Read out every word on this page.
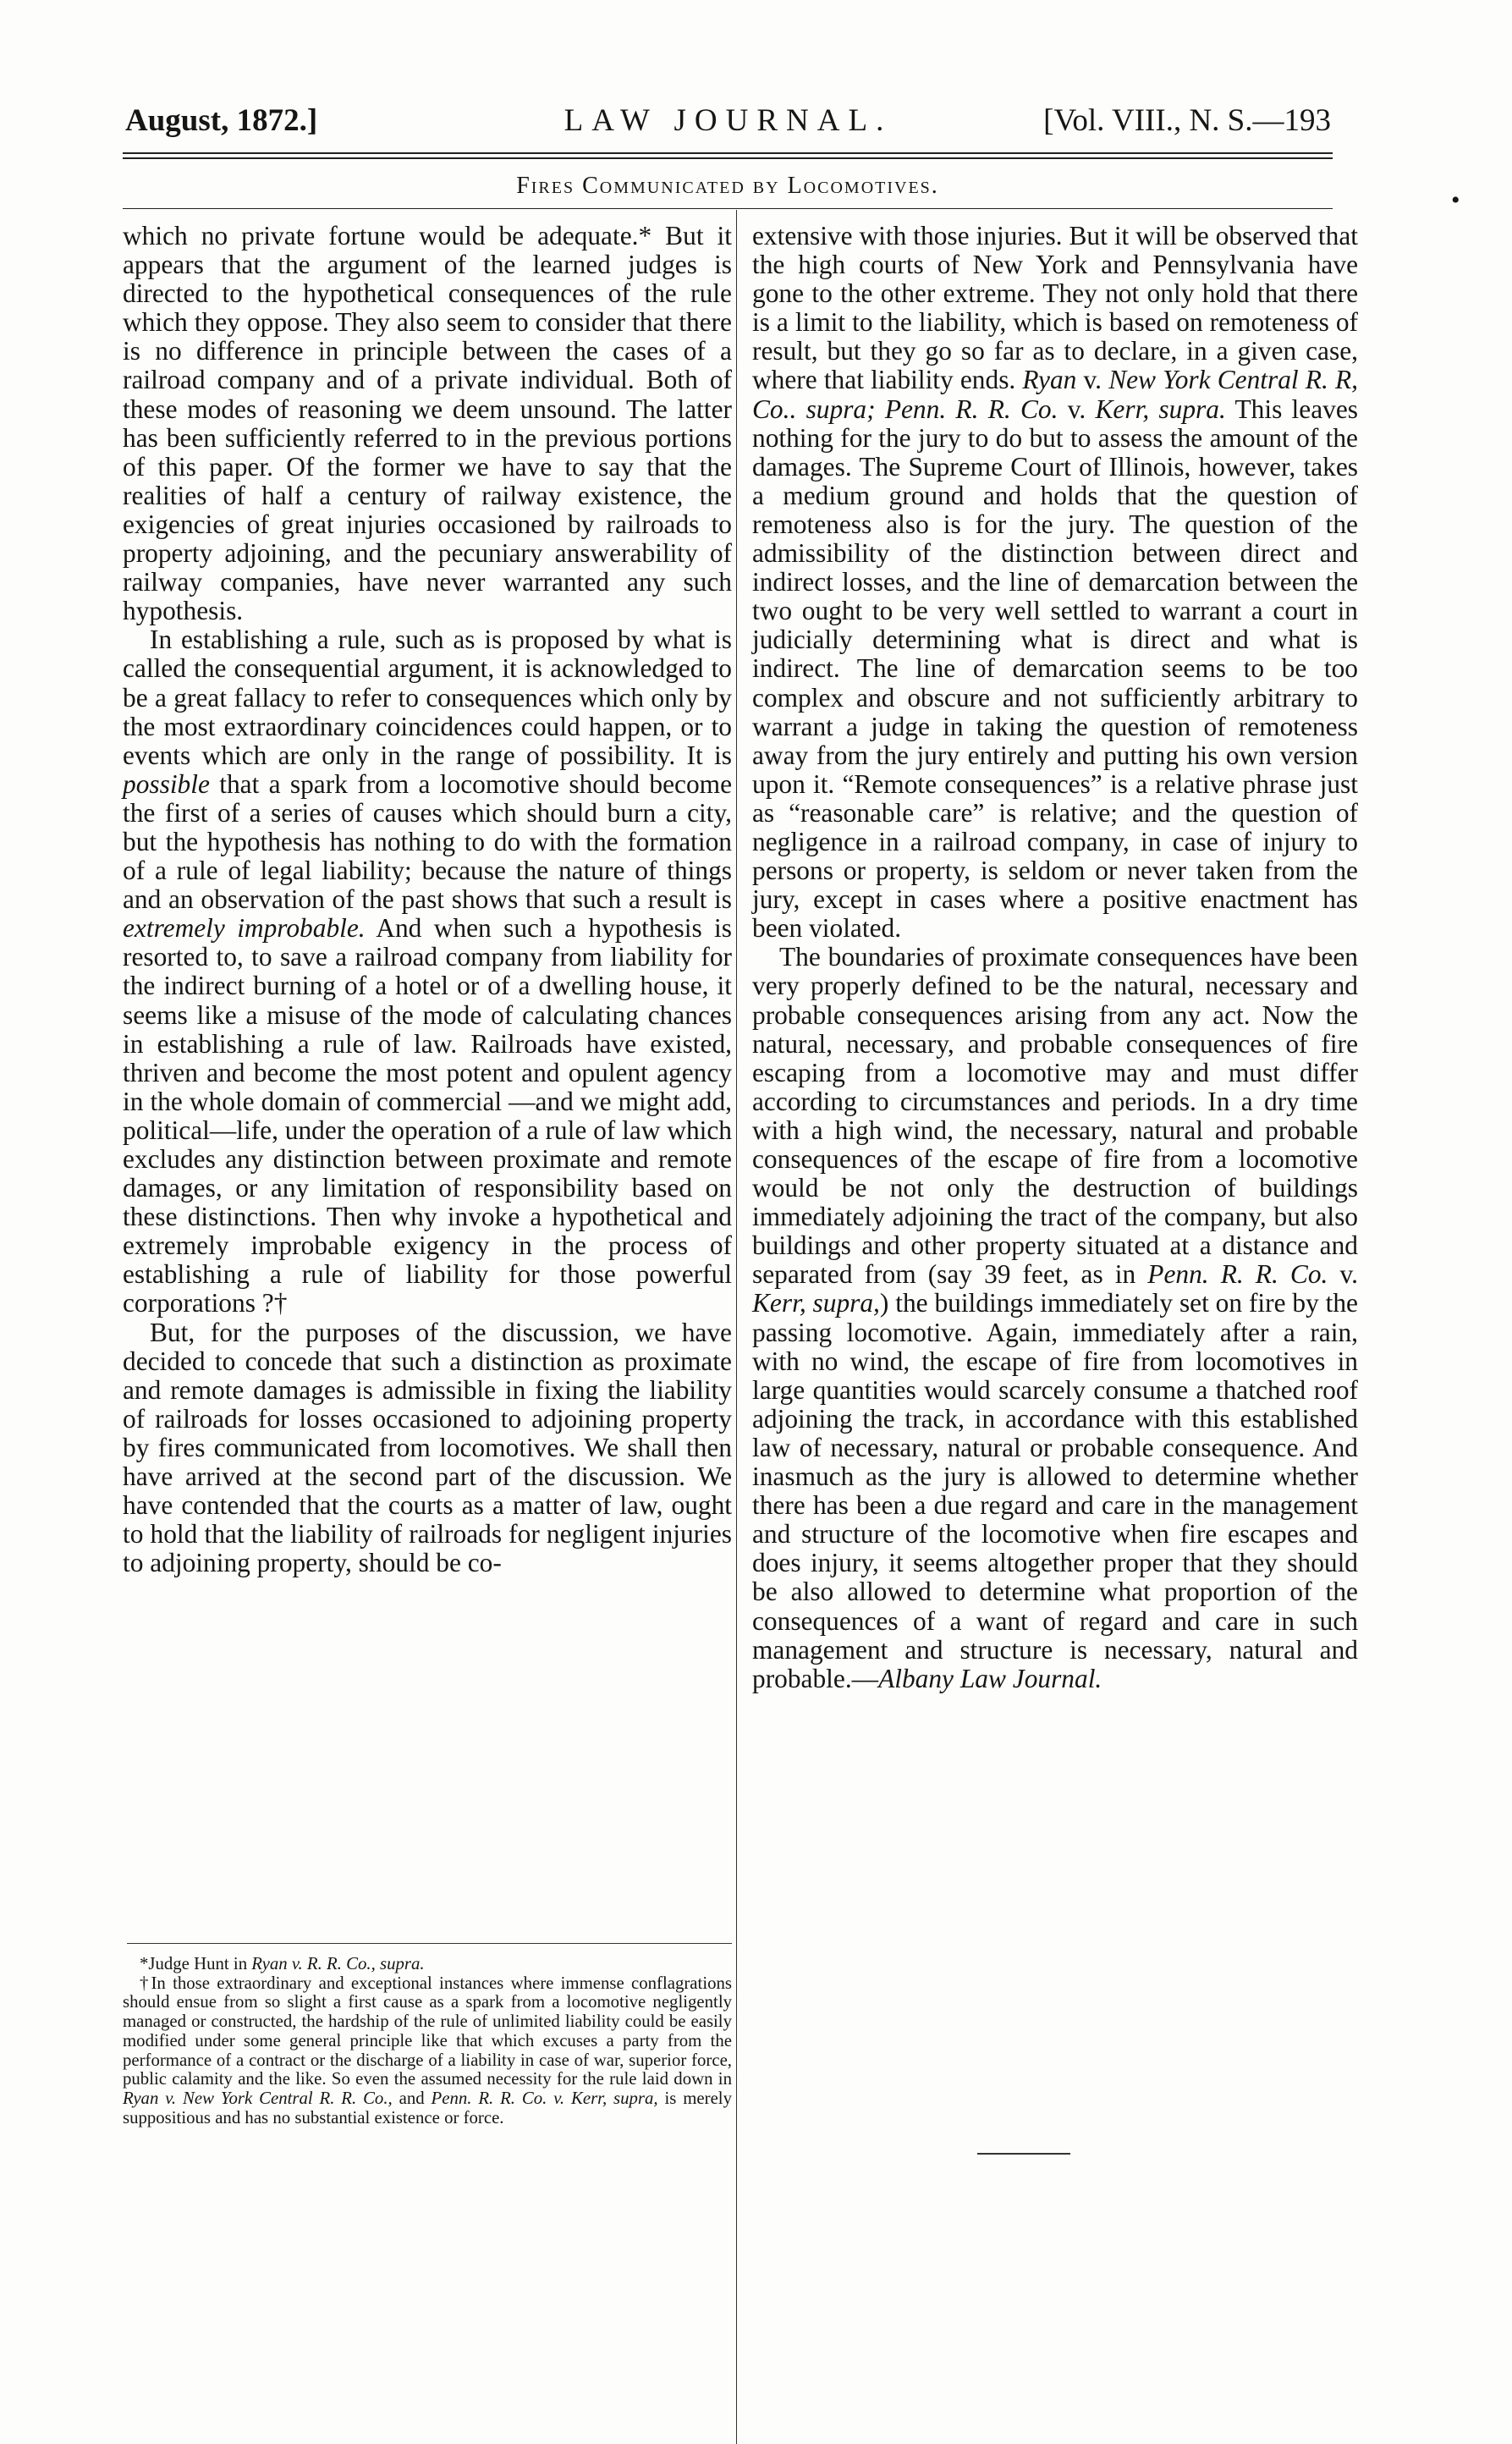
August, 1872.]	LAW JOURNAL.	[Vol. VIII., N. S.—193
Fires Communicated by Locomotives.
•

which no private fortune would be adequate.* But it appears that the argument of the learned judges is directed to the hypothetical consequences of the rule which they oppose. They also seem to consider that there is no difference in principle between the cases of a railroad company and of a private individual. Both of these modes of reasoning we deem unsound. The latter has been sufficiently referred to in the previous portions of this paper. Of the former we have to say that the realities of half a century of railway existence, the exigencies of great injuries occasioned by railroads to property adjoining, and the pecuniary answerability of railway companies, have never warranted any such hypothesis.

In establishing a rule, such as is proposed by what is called the consequential argument, it is acknowledged to be a great fallacy to refer to consequences which only by the most extraordinary coincidences could happen, or to events which are only in the range of possibility. It is possible that a spark from a locomotive should become the first of a series of causes which should burn a city, but the hypothesis has nothing to do with the formation of a rule of legal liability; because the nature of things and an observation of the past shows that such a result is extremely improbable. And when such a hypothesis is resorted to, to save a railroad company from liability for the indirect burning of a hotel or of a dwelling house, it seems like a misuse of the mode of calculating chances in establishing a rule of law. Railroads have existed, thriven and become the most potent and opulent agency in the whole domain of commercial —and we might add, political—life, under the operation of a rule of law which excludes any distinction between proximate and remote damages, or any limitation of responsibility based on these distinctions. Then why invoke a hypothetical and extremely improbable exigency in the process of establishing a rule of liability for those powerful corporations ?†

But, for the purposes of the discussion, we have decided to concede that such a distinction as proximate and remote damages is admissible in fixing the liability of railroads for losses occasioned to adjoining property by fires communicated from locomotives. We shall then have arrived at the second part of the discussion. We have contended that the courts as a matter of law, ought to hold that the liability of railroads for negligent injuries to adjoining property, should be co-

*Judge Hunt in Ryan v. R. R. Co., supra.

†In those extraordinary and exceptional instances where immense conflagrations should ensue from so slight a first cause as a spark from a locomotive negligently managed or constructed, the hardship of the rule of unlimited liability could be easily modified under some general principle like that which excuses a party from the performance of a contract or the discharge of a liability in case of war, superior force, public calamity and the like. So even the assumed necessity for the rule laid down in Ryan v. New York Central R. R. Co., and Penn. R. R. Co. v. Kerr, supra, is merely suppositious and has no substantial existence or force.

extensive with those injuries. But it will be observed that the high courts of New York and Pennsylvania have gone to the other extreme. They not only hold that there is a limit to the liability, which is based on remoteness of result, but they go so far as to declare, in a given case, where that liability ends. Ryan v. New York Central R. R, Co.. supra; Penn. R. R. Co. v. Kerr, supra. This leaves nothing for the jury to do but to assess the amount of the damages. The Supreme Court of Illinois, however, takes a medium ground and holds that the question of remoteness also is for the jury. The question of the admissibility of the distinction between direct and indirect losses, and the line of demarcation between the two ought to be very well settled to warrant a court in judicially determining what is direct and what is indirect. The line of demarcation seems to be too complex and obscure and not sufficiently arbitrary to warrant a judge in taking the question of remoteness away from the jury entirely and putting his own version upon it. “Remote consequences” is a relative phrase just as “reasonable care” is relative; and the question of negligence in a railroad company, in case of injury to persons or property, is seldom or never taken from the jury, except in cases where a positive enactment has been violated.

The boundaries of proximate consequences have been very properly defined to be the natural, necessary and probable consequences arising from any act. Now the natural, necessary, and probable consequences of fire escaping from a locomotive may and must differ according to circumstances and periods. In a dry time with a high wind, the necessary, natural and probable consequences of the escape of fire from a locomotive would be not only the destruction of buildings immediately adjoining the tract of the company, but also buildings and other property situated at a distance and separated from (say 39 feet, as in Penn. R. R. Co. v. Kerr, supra,) the buildings immediately set on fire by the passing locomotive. Again, immediately after a rain, with no wind, the escape of fire from locomotives in large quantities would scarcely consume a thatched roof adjoining the track, in accordance with this established law of necessary, natural or probable consequence. And inasmuch as the jury is allowed to determine whether there has been a due regard and care in the management and structure of the locomotive when fire escapes and does injury, it seems altogether proper that they should be also allowed to determine what proportion of the consequences of a want of regard and care in such management and structure is necessary, natural and probable.—Albany Law Journal.
